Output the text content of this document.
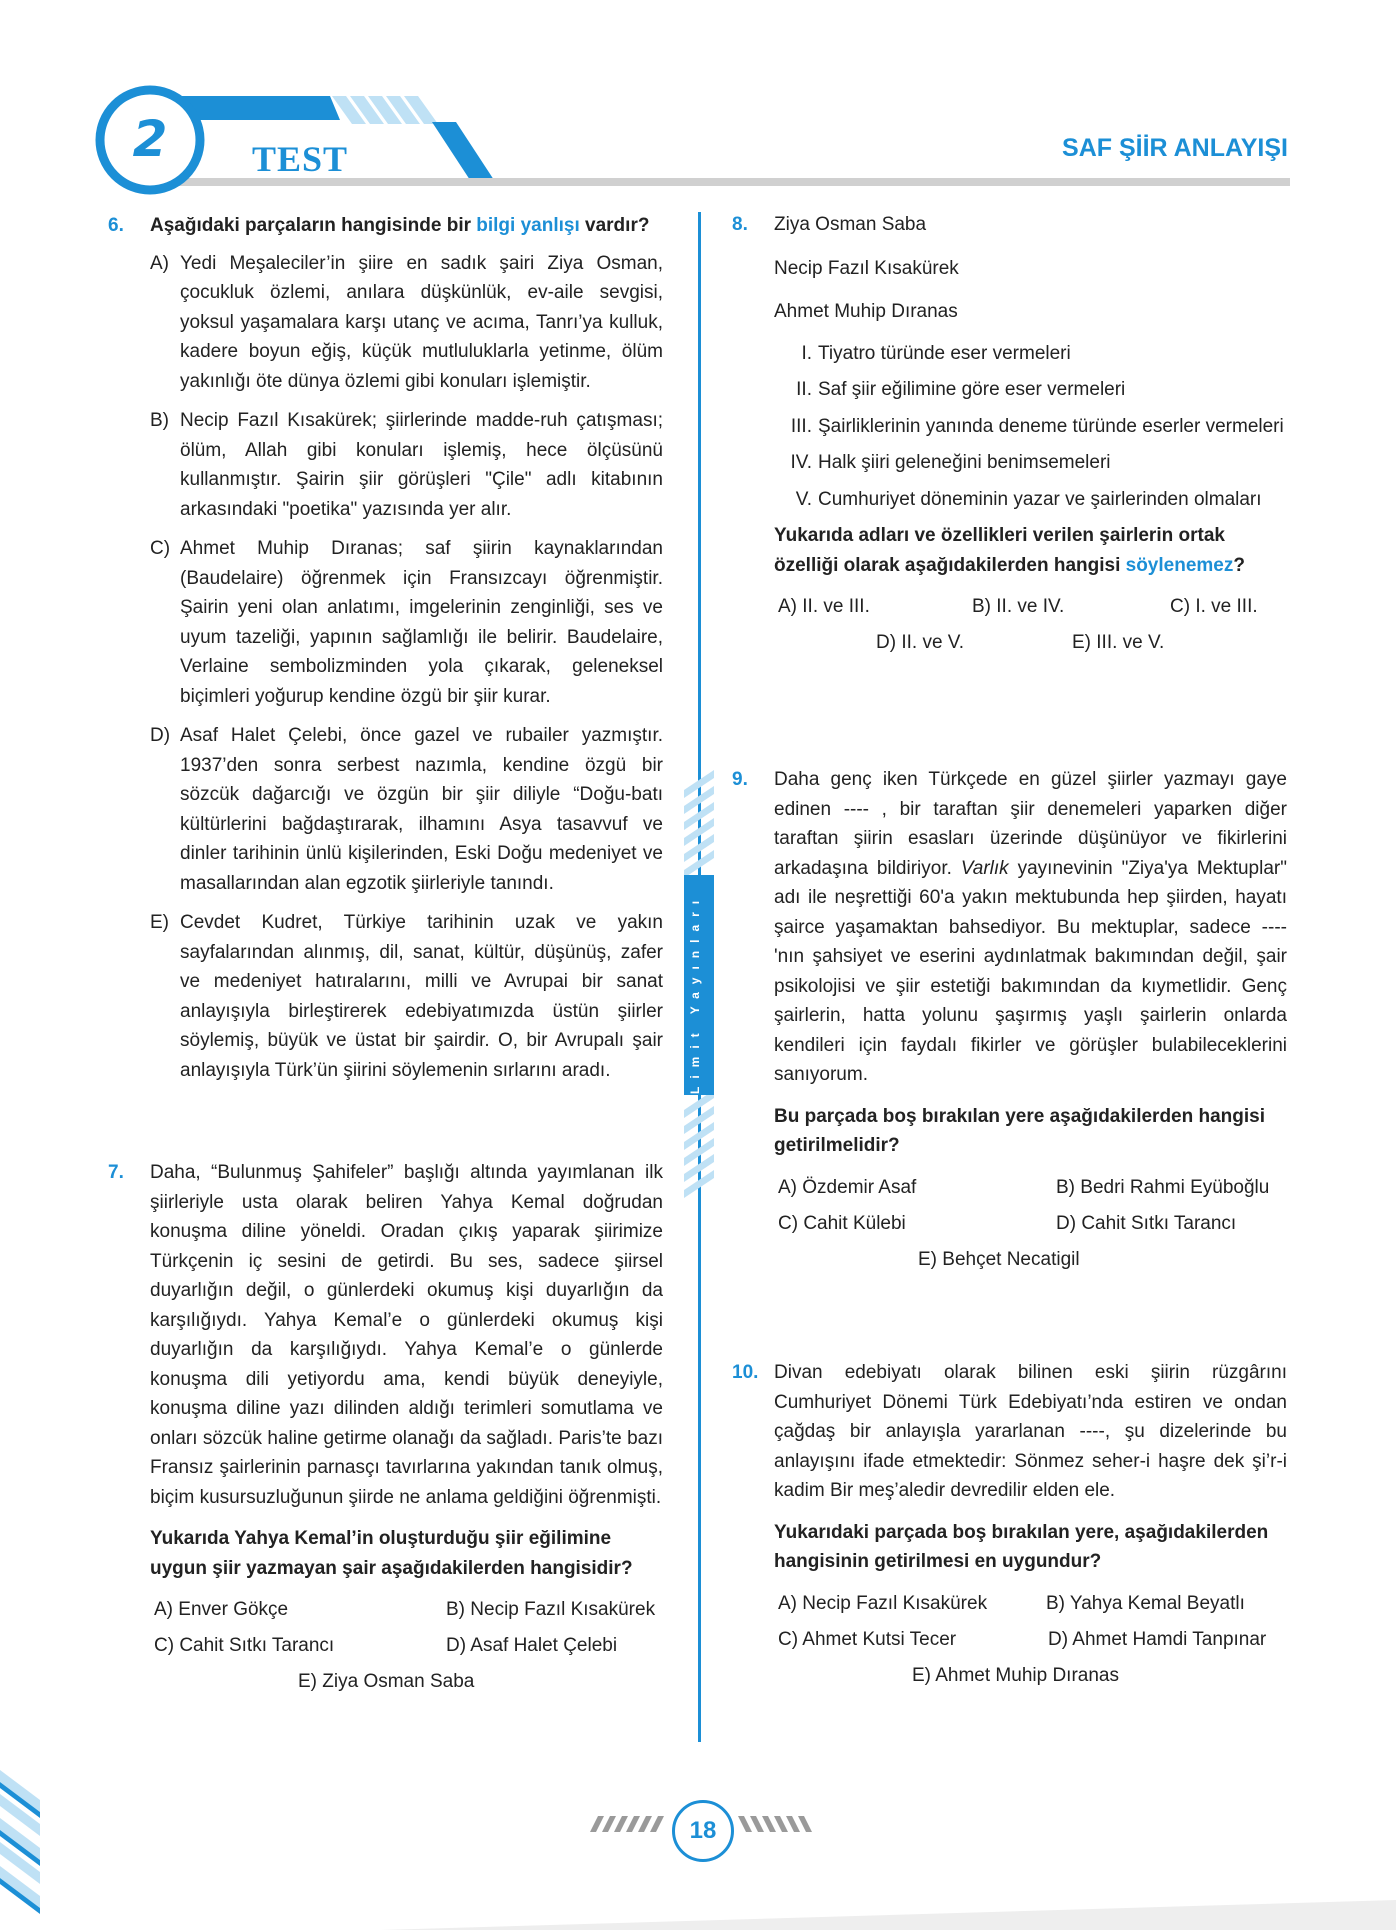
2	TEST	SAF ŞİİR ANLAYIŞI
6. Aşağıdaki parçaların hangisinde bir bilgi yanlışı vardır?
A) Yedi Meşaleciler’in şiire en sadık şairi Ziya Osman, çocukluk özlemi, anılara düşkünlük, ev-aile sevgisi, yoksul yaşamalara karşı utanç ve acıma, Tanrı’ya kulluk, kadere boyun eğiş, küçük mutluluklarla yetinme, ölüm yakınlığı öte dünya özlemi gibi konuları işlemiştir.
B) Necip Fazıl Kısakürek; şiirlerinde madde-ruh çatışması; ölüm, Allah gibi konuları işlemiş, hece ölçüsünü kullanmıştır. Şairin şiir görüşleri "Çile" adlı kitabının arkasındaki "poetika" yazısında yer alır.
C) Ahmet Muhip Dıranas; saf şiirin kaynaklarından (Baudelaire) öğrenmek için Fransızcayı öğrenmiştir. Şairin yeni olan anlatımı, imgelerinin zenginliği, ses ve uyum tazeliği, yapının sağlamlığı ile belirir. Baudelaire, Verlaine sembolizminden yola çıkarak, geleneksel biçimleri yoğurup kendine özgü bir şiir kurar.
D) Asaf Halet Çelebi, önce gazel ve rubailer yazmıştır. 1937’den sonra serbest nazımla, kendine özgü bir sözcük dağarcığı ve özgün bir şiir diliyle “Doğu-batı kültürlerini bağdaştırarak, ilhamını Asya tasavvuf ve dinler tarihinin ünlü kişilerinden, Eski Doğu medeniyet ve masallarından alan egzotik şiirleriyle tanındı.
E) Cevdet Kudret, Türkiye tarihinin uzak ve yakın sayfalarından alınmış, dil, sanat, kültür, düşünüş, zafer ve medeniyet hatıralarını, milli ve Avrupai bir sanat anlayışıyla birleştirerek edebiyatımızda üstün şiirler söylemiş, büyük ve üstat bir şairdir. O, bir Avrupalı şair anlayışıyla Türk’ün şiirini söylemenin sırlarını aradı.
7. Daha, “Bulunmuş Şahifeler” başlığı altında yayımlanan ilk şiirleriyle usta olarak beliren Yahya Kemal doğrudan konuşma diline yöneldi. Oradan çıkış yaparak şiirimize Türkçenin iç sesini de getirdi. Bu ses, sadece şiirsel duyarlığın değil, o günlerdeki okumuş kişi duyarlığın da karşılığıydı. Yahya Kemal’e o günlerdeki okumuş kişi duyarlığın da karşılığıydı. Yahya Kemal’e o günlerde konuşma dili yetiyordu ama, kendi büyük deneyiyle, konuşma diline yazı dilinden aldığı terimleri somutlama ve onları sözcük haline getirme olanağı da sağladı. Paris’te bazı Fransız şairlerinin parnasçı tavırlarına yakından tanık olmuş, biçim kusursuzluğunun şiirde ne anlama geldiğini öğrenmişti.
Yukarıda Yahya Kemal’in oluşturduğu şiir eğilimine uygun şiir yazmayan şair aşağıdakilerden hangisidir?
A) Enver Gökçe	B) Necip Fazıl Kısakürek
C) Cahit Sıtkı Tarancı	D) Asaf Halet Çelebi
E) Ziya Osman Saba
Limit Yayınları
8. Ziya Osman Saba
Necip Fazıl Kısakürek
Ahmet Muhip Dıranas
I. Tiyatro türünde eser vermeleri
II. Saf şiir eğilimine göre eser vermeleri
III. Şairliklerinin yanında deneme türünde eserler vermeleri
IV. Halk şiiri geleneğini benimsemeleri
V. Cumhuriyet döneminin yazar ve şairlerinden olmaları
Yukarıda adları ve özellikleri verilen şairlerin ortak özelliği olarak aşağıdakilerden hangisi söylenemez?
A) II. ve III.	B) II. ve IV.	C) I. ve III.
D) II. ve V.	E) III. ve V.
9. Daha genç iken Türkçede en güzel şiirler yazmayı gaye edinen ---- , bir taraftan şiir denemeleri yaparken diğer taraftan şiirin esasları üzerinde düşünüyor ve fikirlerini arkadaşına bildiriyor. Varlık yayınevinin "Ziya'ya Mektuplar" adı ile neşrettiği 60'a yakın mektubunda hep şiirden, hayatı şairce yaşamaktan bahsediyor. Bu mektuplar, sadece ---- 'nın şahsiyet ve eserini aydınlatmak bakımından değil, şair psikolojisi ve şiir estetiği bakımından da kıymetlidir. Genç şairlerin, hatta yolunu şaşırmış yaşlı şairlerin onlarda kendileri için faydalı fikirler ve görüşler bulabileceklerini sanıyorum.
Bu parçada boş bırakılan yere aşağıdakilerden hangisi getirilmelidir?
A) Özdemir Asaf	B) Bedri Rahmi Eyüboğlu
C) Cahit Külebi	D) Cahit Sıtkı Tarancı
E) Behçet Necatigil
10. Divan edebiyatı olarak bilinen eski şiirin rüzgârını Cumhuriyet Dönemi Türk Edebiyatı’nda estiren ve ondan çağdaş bir anlayışla yararlanan ----, şu dizelerinde bu anlayışını ifade etmektedir: Sönmez seher-i haşre dek şi’r-i kadim Bir meş’aledir devredilir elden ele.
Yukarıdaki parçada boş bırakılan yere, aşağıdakilerden hangisinin getirilmesi en uygundur?
A) Necip Fazıl Kısakürek	B) Yahya Kemal Beyatlı
C) Ahmet Kutsi Tecer	D) Ahmet Hamdi Tanpınar
E) Ahmet Muhip Dıranas
18
